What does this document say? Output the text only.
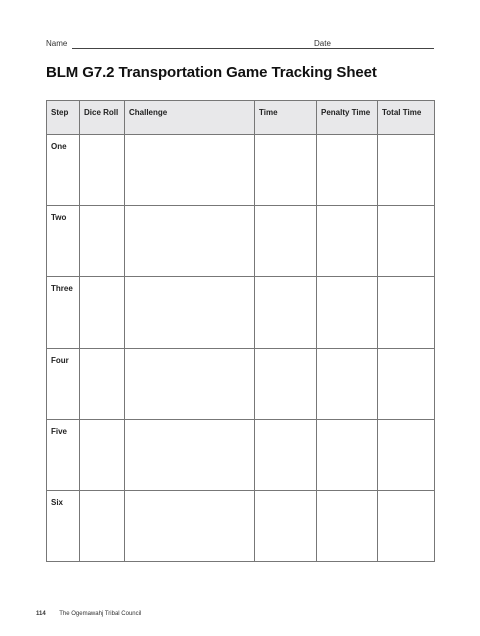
Name	Date
BLM G7.2 Transportation Game Tracking Sheet
Step	Dice Roll	Challenge	Time	Penalty Time	Total Time
One					
Two					
Three					
Four					
Five					
Six					
114 The Ogemawahj Tribal Council
